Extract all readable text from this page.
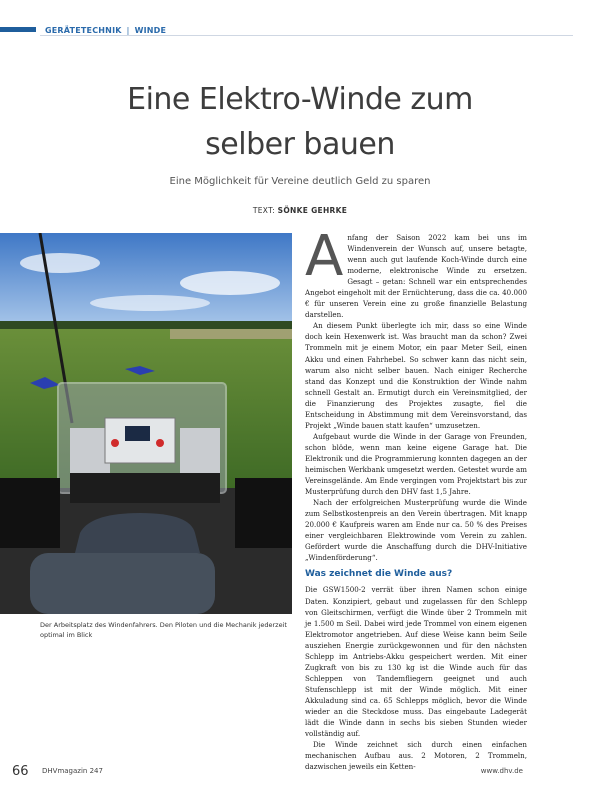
GERÄTETECHNIK | WINDE
Eine Elektro-Winde zum
selber bauen
Eine Möglichkeit für Vereine deutlich Geld zu sparen
TEXT: SÖNKE GEHRKE
Der Arbeitsplatz des Windenfahrers. Den Piloten und die Mechanik jederzeit optimal im Blick

Anfang der Saison 2022 kam bei uns im Windenverein der Wunsch auf, unsere betagte, wenn auch gut laufende Koch-Winde durch eine moderne, elektronische Winde zu ersetzen. Gesagt – getan: Schnell war ein entsprechendes Angebot eingeholt mit der Ernüchterung, dass die ca. 40.000 € für unseren Verein eine zu große finanzielle Belastung darstellen.

An diesem Punkt überlegte ich mir, dass so eine Winde doch kein Hexenwerk ist. Was braucht man da schon? Zwei Trommeln mit je einem Motor, ein paar Meter Seil, einen Akku und einen Fahrhebel. So schwer kann das nicht sein, warum also nicht selber bauen. Nach einiger Recherche stand das Konzept und die Konstruktion der Winde nahm schnell Gestalt an. Ermutigt durch ein Vereinsmitglied, der die Finanzierung des Projektes zusagte, fiel die Entscheidung in Abstimmung mit dem Vereinsvorstand, das Projekt „Winde bauen statt kaufen“ umzusetzen.

Aufgebaut wurde die Winde in der Garage von Freunden, schon blöde, wenn man keine eigene Garage hat. Die Elektronik und die Programmierung konnten dagegen an der heimischen Werkbank umgesetzt werden. Getestet wurde am Vereinsgelände. Am Ende vergingen vom Projektstart bis zur Musterprüfung durch den DHV fast 1,5 Jahre.

Nach der erfolgreichen Musterprüfung wurde die Winde zum Selbstkostenpreis an den Verein übertragen. Mit knapp 20.000 € Kaufpreis waren am Ende nur ca. 50 % des Preises einer vergleichbaren Elektrowinde vom Verein zu zahlen. Gefördert wurde die Anschaffung durch die DHV-Initiative „Windenförderung“.

Was zeichnet die Winde aus?

Die GSW1500-2 verrät über ihren Namen schon einige Daten. Konzipiert, gebaut und zugelassen für den Schlepp von Gleitschirmen, verfügt die Winde über 2 Trommeln mit je 1.500 m Seil. Dabei wird jede Trommel von einem eigenen Elektromotor angetrieben. Auf diese Weise kann beim Seile ausziehen Energie zurückgewonnen und für den nächsten Schlepp im Antriebs-Akku gespeichert werden. Mit einer Zugkraft von bis zu 130 kg ist die Winde auch für das Schleppen von Tandemfliegern geeignet und auch Stufenschlepp ist mit der Winde möglich. Mit einer Akkuladung sind ca. 65 Schlepps möglich, bevor die Winde wieder an die Steckdose muss. Das eingebaute Ladegerät lädt die Winde dann in sechs bis sieben Stunden wieder vollständig auf.

Die Winde zeichnet sich durch einen einfachen mechanischen Aufbau aus. 2 Motoren, 2 Trommeln, dazwischen jeweils ein Ketten-

66 DHVmagazin 247	www.dhv.de
